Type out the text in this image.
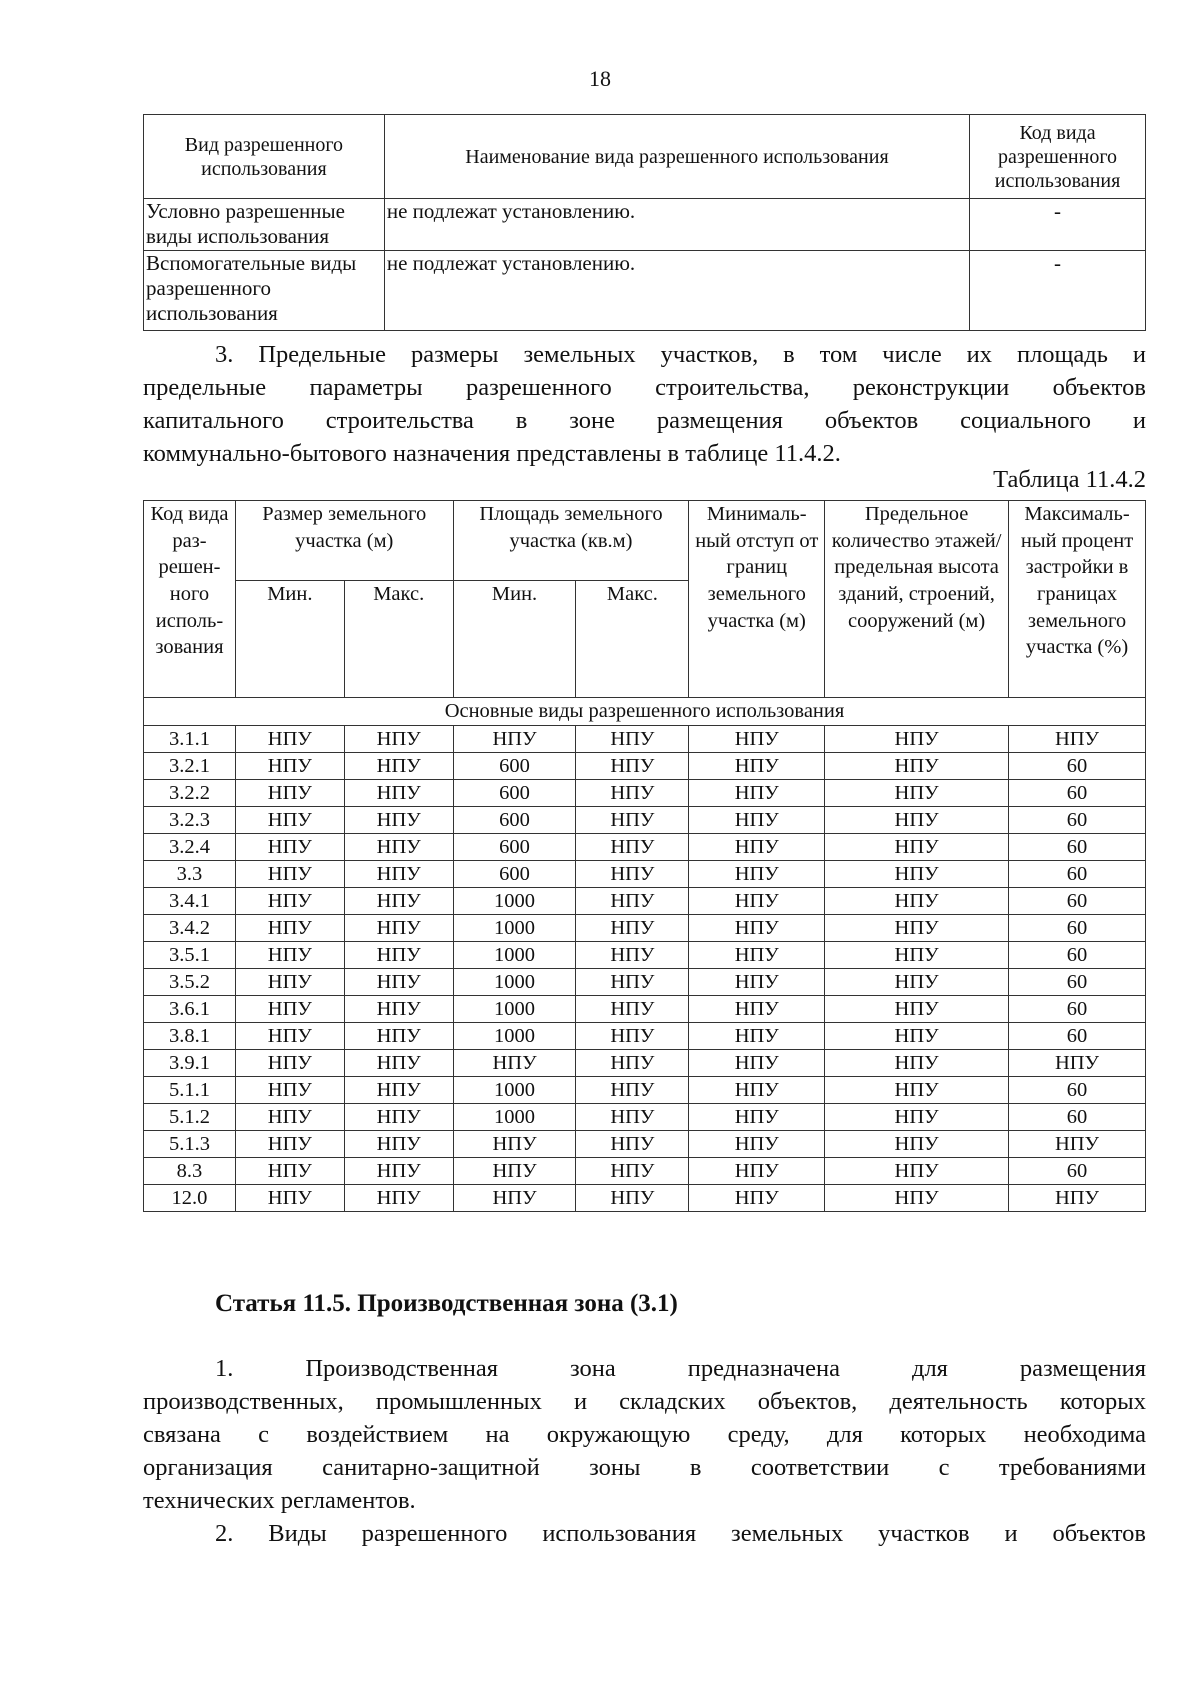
18
Вид разрешенного использования	Наименование вида разрешенного использования	Код вида разрешенного использования
Условно разрешенные виды использования	не подлежат установлению.	-
Вспомогательные виды разрешенного использования	не подлежат установлению.	-

3. Предельные размеры земельных участков, в том числе их площадь и
предельные параметры разрешенного строительства, реконструкции объектов
капитального строительства в зоне размещения объектов социального и
коммунально-бытового назначения представлены в таблице 11.4.2.

Таблица 11.4.2
Код вида раз-решен-ного исполь-зования	Размер земельного участка (м)		Площадь земельного участка (кв.м)		Минималь-ный отступ от границ земельного участка (м)	Предельное количество этажей/ предельная высота зданий, строений, сооружений (м)	Максималь-ный процент застройки в границах земельного участка (%)
	Мин.	Макс.	Мин.	Макс.			
Основные виды разрешенного использования							
3.1.1	НПУ	НПУ	НПУ	НПУ	НПУ	НПУ	НПУ
3.2.1	НПУ	НПУ	600	НПУ	НПУ	НПУ	60
3.2.2	НПУ	НПУ	600	НПУ	НПУ	НПУ	60
3.2.3	НПУ	НПУ	600	НПУ	НПУ	НПУ	60
3.2.4	НПУ	НПУ	600	НПУ	НПУ	НПУ	60
3.3	НПУ	НПУ	600	НПУ	НПУ	НПУ	60
3.4.1	НПУ	НПУ	1000	НПУ	НПУ	НПУ	60
3.4.2	НПУ	НПУ	1000	НПУ	НПУ	НПУ	60
3.5.1	НПУ	НПУ	1000	НПУ	НПУ	НПУ	60
3.5.2	НПУ	НПУ	1000	НПУ	НПУ	НПУ	60
3.6.1	НПУ	НПУ	1000	НПУ	НПУ	НПУ	60
3.8.1	НПУ	НПУ	1000	НПУ	НПУ	НПУ	60
3.9.1	НПУ	НПУ	НПУ	НПУ	НПУ	НПУ	НПУ
5.1.1	НПУ	НПУ	1000	НПУ	НПУ	НПУ	60
5.1.2	НПУ	НПУ	1000	НПУ	НПУ	НПУ	60
5.1.3	НПУ	НПУ	НПУ	НПУ	НПУ	НПУ	НПУ
8.3	НПУ	НПУ	НПУ	НПУ	НПУ	НПУ	60
12.0	НПУ	НПУ	НПУ	НПУ	НПУ	НПУ	НПУ
Статья 11.5. Производственная зона (3.1)

1. Производственная зона предназначена для размещения
производственных, промышленных и складских объектов, деятельность которых
связана с воздействием на окружающую среду, для которых необходима
организация санитарно-защитной зоны в соответствии с требованиями
технических регламентов.

2. Виды разрешенного использования земельных участков и объектов
